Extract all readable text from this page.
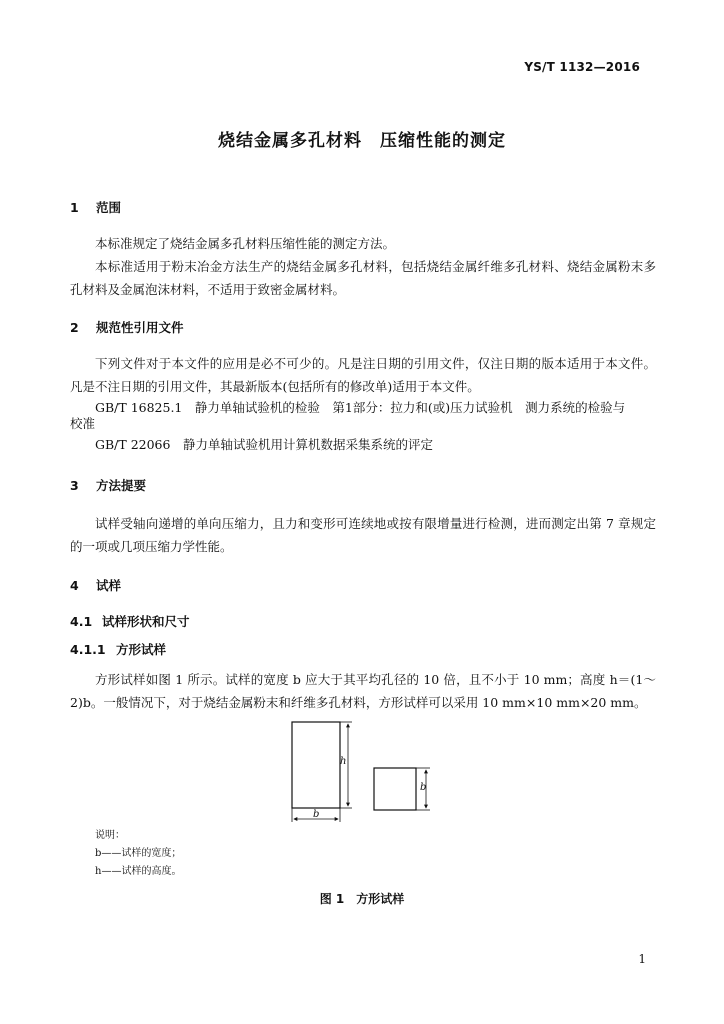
YS/T 1132—2016
烧结金属多孔材料　压缩性能的测定
1 范围
本标准规定了烧结金属多孔材料压缩性能的测定方法。
本标准适用于粉末冶金方法生产的烧结金属多孔材料，包括烧结金属纤维多孔材料、烧结金属粉末多孔材料及金属泡沫材料，不适用于致密金属材料。
2 规范性引用文件
下列文件对于本文件的应用是必不可少的。凡是注日期的引用文件，仅注日期的版本适用于本文件。凡是不注日期的引用文件，其最新版本(包括所有的修改单)适用于本文件。
GB/T 16825.1　静力单轴试验机的检验　第1部分：拉力和(或)压力试验机　测力系统的检验与
校准
GB/T 22066　静力单轴试验机用计算机数据采集系统的评定
3 方法提要
试样受轴向递增的单向压缩力，且力和变形可连续地或按有限增量进行检测，进而测定出第 7 章规定的一项或几项压缩力学性能。
4 试样
4.1 试样形状和尺寸
4.1.1 方形试样
方形试样如图 1 所示。试样的宽度 b 应大于其平均孔径的 10 倍，且不小于 10 mm；高度 h＝(1～2)b。一般情况下，对于烧结金属粉末和纤维多孔材料，方形试样可以采用 10 mm×10 mm×20 mm。
h
b
b
说明：
b——试样的宽度；
h——试样的高度。
图 1　方形试样
1
